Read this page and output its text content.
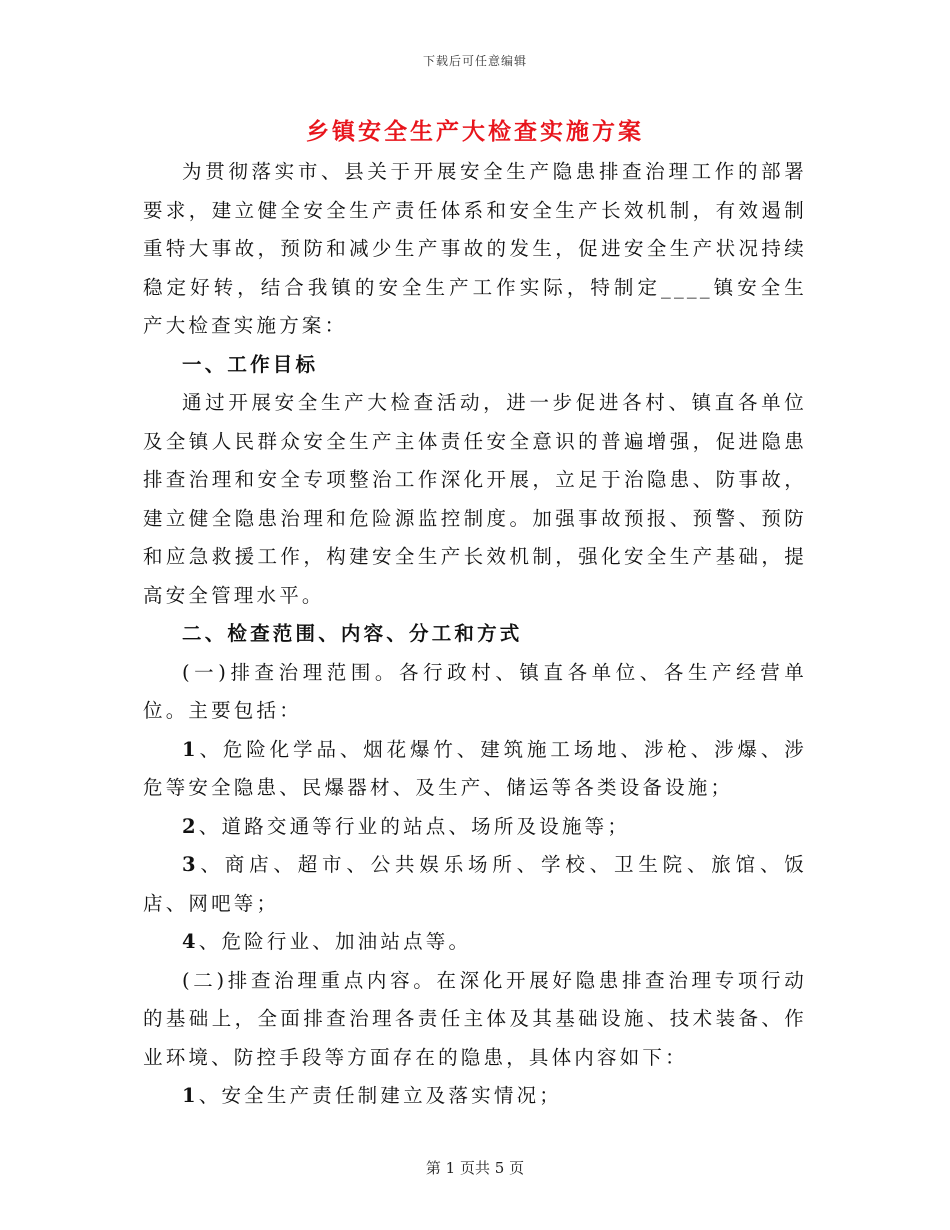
下载后可任意编辑
乡镇安全生产大检查实施方案

为贯彻落实市、县关于开展安全生产隐患排查治理工作的部署要求，建立健全安全生产责任体系和安全生产长效机制，有效遏制重特大事故，预防和减少生产事故的发生，促进安全生产状况持续稳定好转，结合我镇的安全生产工作实际，特制定____镇安全生产大检查实施方案：

一、工作目标

通过开展安全生产大检查活动，进一步促进各村、镇直各单位及全镇人民群众安全生产主体责任安全意识的普遍增强，促进隐患排查治理和安全专项整治工作深化开展，立足于治隐患、防事故，建立健全隐患治理和危险源监控制度。加强事故预报、预警、预防和应急救援工作，构建安全生产长效机制，强化安全生产基础，提高安全管理水平。

二、检查范围、内容、分工和方式

(一)排查治理范围。各行政村、镇直各单位、各生产经营单位。主要包括：

1、危险化学品、烟花爆竹、建筑施工场地、涉枪、涉爆、涉危等安全隐患、民爆器材、及生产、储运等各类设备设施；

2、道路交通等行业的站点、场所及设施等；

3、商店、超市、公共娱乐场所、学校、卫生院、旅馆、饭店、网吧等；

4、危险行业、加油站点等。

(二)排查治理重点内容。在深化开展好隐患排查治理专项行动的基础上，全面排查治理各责任主体及其基础设施、技术装备、作业环境、防控手段等方面存在的隐患，具体内容如下：

1、安全生产责任制建立及落实情况；

第 1 页共 5 页
